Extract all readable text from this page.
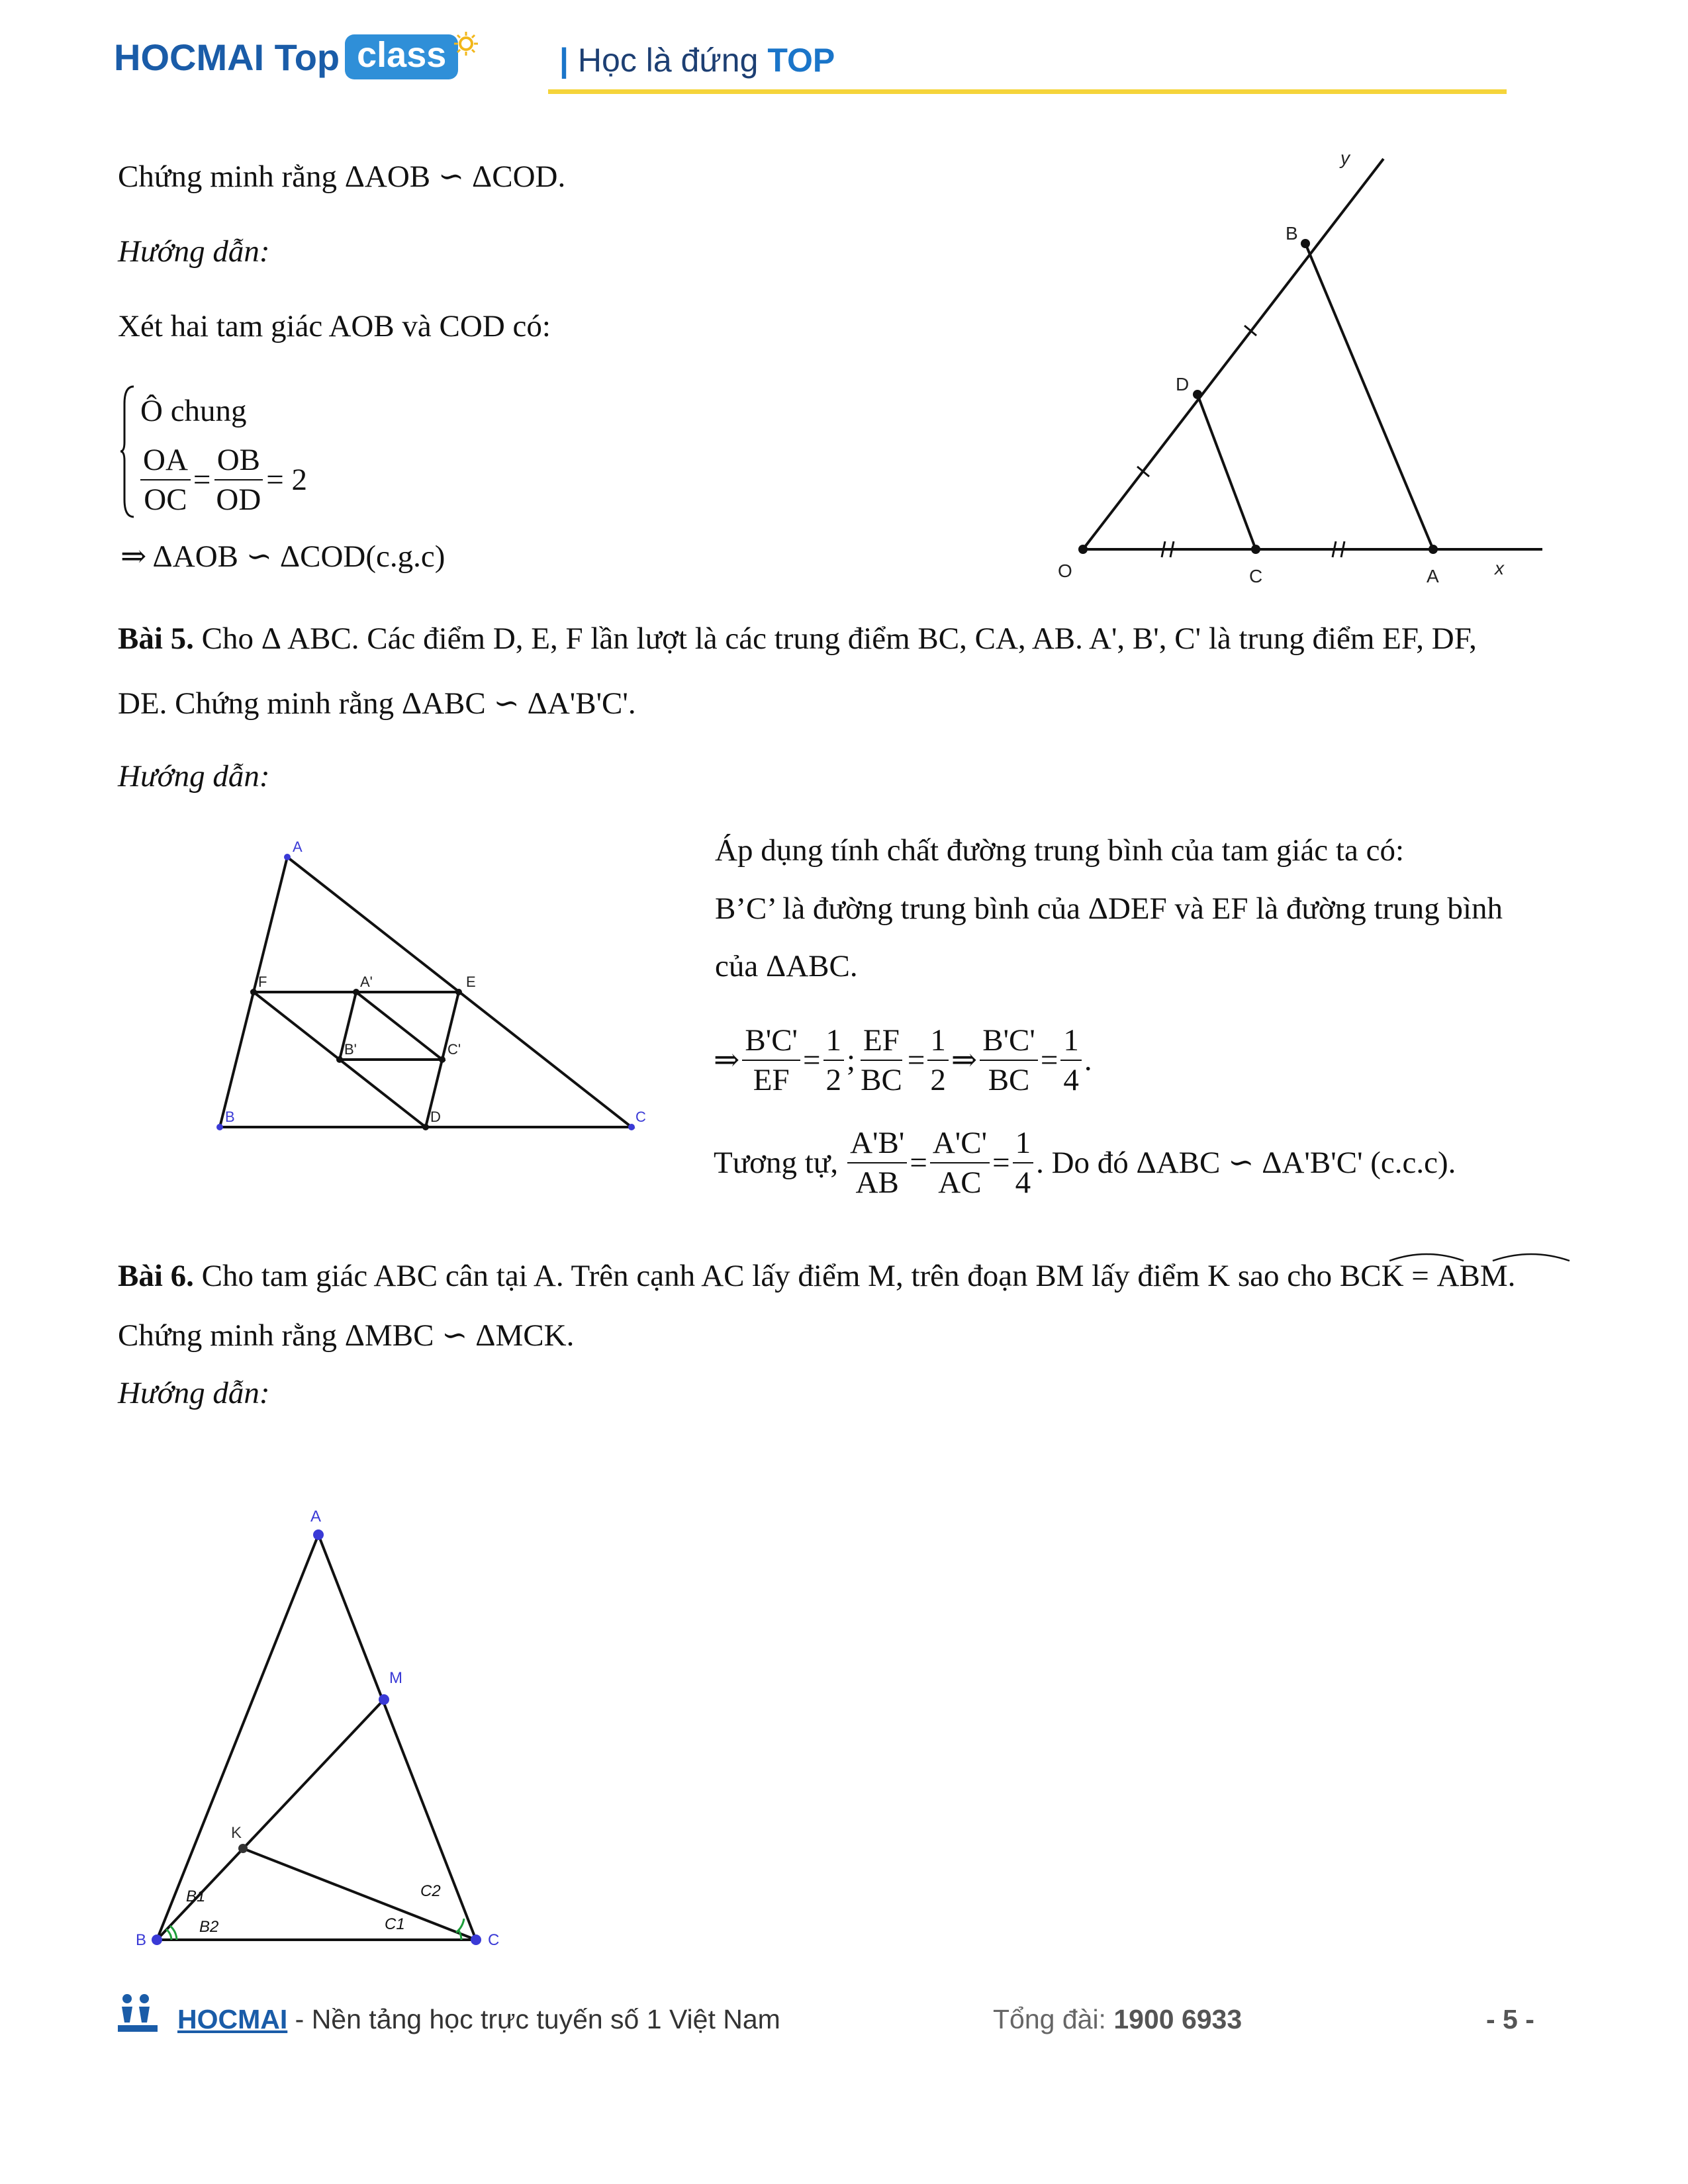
HOCMAI Top class	| Học là đứng TOP
Chứng minh rằng ΔAOB ∽ ΔCOD.
Hướng dẫn:
Xét hai tam giác AOB và COD có:
Ô chung
$\frac{OA}{OC} = \frac{OB}{OD} = 2$
⇒ ΔAOB ∽ ΔCOD(c.g.c)
y
B
D
O	C	A	x
Bài 5. Cho Δ ABC. Các điểm D, E, F lần lượt là các trung điểm BC, CA, AB. A', B', C' là trung điểm EF, DF,
DE. Chứng minh rằng ΔABC ∽ ΔA'B'C'.
Hướng dẫn:
A
F	A'	E
B'	C'
B	D	C
Áp dụng tính chất đường trung bình của tam giác ta có:
B’C’ là đường trung bình của ΔDEF và EF là đường trung bình
của ΔABC.
⇒ $\frac{B'C'}{EF} = \frac{1}{2}$ ; $\frac{EF}{BC} = \frac{1}{2}$ ⇒ $\frac{B'C'}{BC} = \frac{1}{4}$ .
Tương tự, $\frac{A'B'}{AB} = \frac{A'C'}{AC} = \frac{1}{4}$ . Do đó ΔABC ∽ ΔA'B'C' (c.c.c).
Bài 6. Cho tam giác ABC cân tại A. Trên cạnh AC lấy điểm M, trên đoạn BM lấy điểm K sao cho BCK = ABM.
Chứng minh rằng ΔMBC ∽ ΔMCK.
Hướng dẫn:
A
M
K
B	C
B1
B2	C1
C2
HOCMAI - Nền tảng học trực tuyến số 1 Việt Nam	Tổng đài: 1900 6933	- 5 -
